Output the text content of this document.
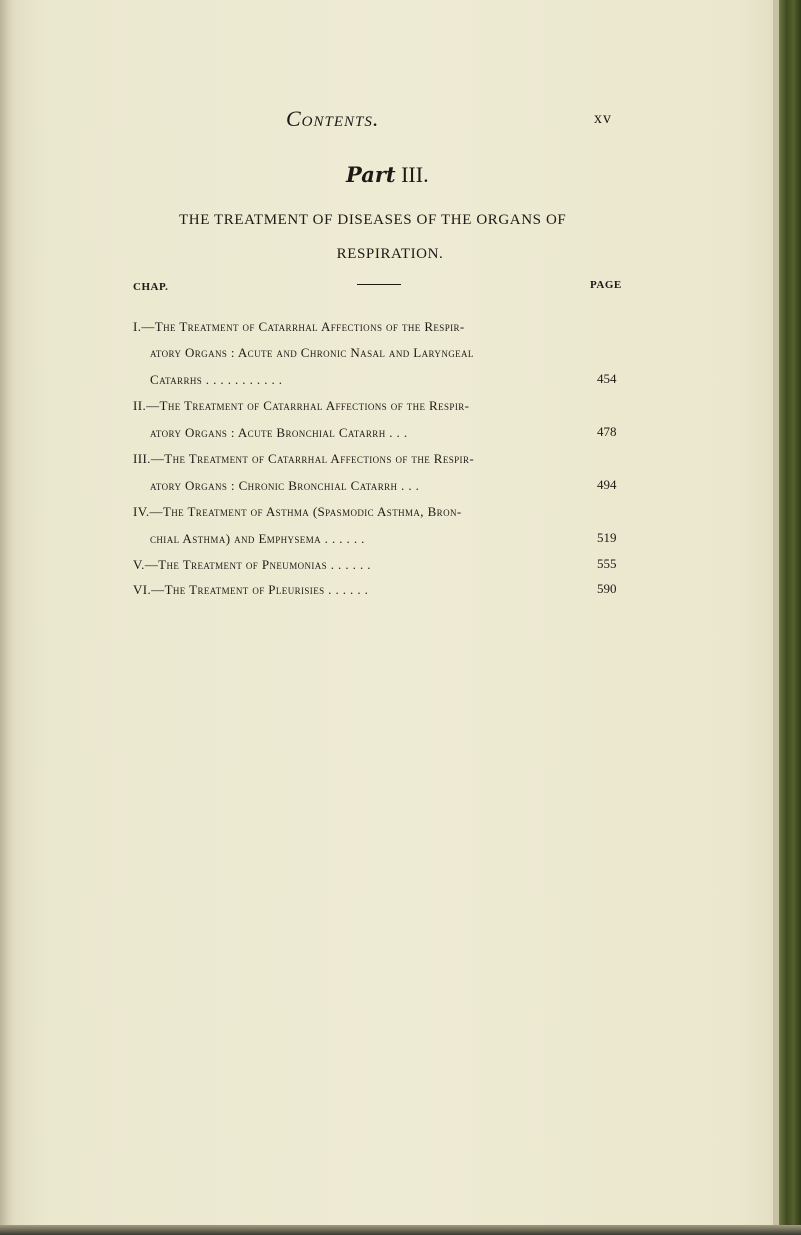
Contents.	xv
Part III.
THE TREATMENT OF DISEASES OF THE ORGANS OF
RESPIRATION.
CHAP.	PAGE
I.—The Treatment of Catarrhal Affections of the Respir-
atory Organs : Acute and Chronic Nasal and Laryngeal
Catarrhs . . . . . . . . . . .	454
II.—The Treatment of Catarrhal Affections of the Respir-
atory Organs : Acute Bronchial Catarrh . . .	478
III.—The Treatment of Catarrhal Affections of the Respir-
atory Organs : Chronic Bronchial Catarrh . . .	494
IV.—The Treatment of Asthma (Spasmodic Asthma, Bron-
chial Asthma) and Emphysema . . . . . .	519
V.—The Treatment of Pneumonias . . . . . .	555
VI.—The Treatment of Pleurisies . . . . . .	590
